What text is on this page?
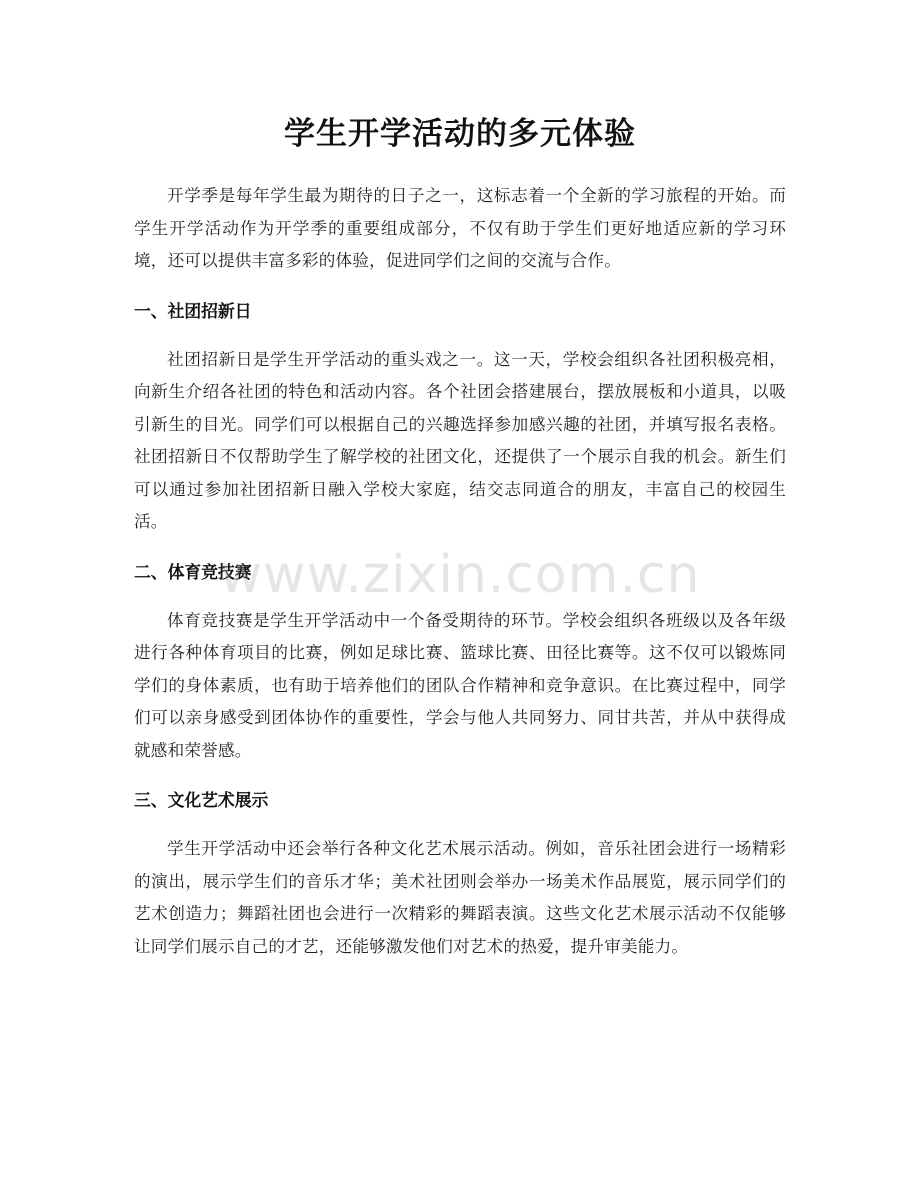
学生开学活动的多元体验

开学季是每年学生最为期待的日子之一，这标志着一个全新的学习旅程的开始。而学生开学活动作为开学季的重要组成部分，不仅有助于学生们更好地适应新的学习环境，还可以提供丰富多彩的体验，促进同学们之间的交流与合作。

一、社团招新日

社团招新日是学生开学活动的重头戏之一。这一天，学校会组织各社团积极亮相，向新生介绍各社团的特色和活动内容。各个社团会搭建展台，摆放展板和小道具，以吸引新生的目光。同学们可以根据自己的兴趣选择参加感兴趣的社团，并填写报名表格。社团招新日不仅帮助学生了解学校的社团文化，还提供了一个展示自我的机会。新生们可以通过参加社团招新日融入学校大家庭，结交志同道合的朋友，丰富自己的校园生活。

二、体育竞技赛

体育竞技赛是学生开学活动中一个备受期待的环节。学校会组织各班级以及各年级进行各种体育项目的比赛，例如足球比赛、篮球比赛、田径比赛等。这不仅可以锻炼同学们的身体素质，也有助于培养他们的团队合作精神和竞争意识。在比赛过程中，同学们可以亲身感受到团体协作的重要性，学会与他人共同努力、同甘共苦，并从中获得成就感和荣誉感。

三、文化艺术展示

学生开学活动中还会举行各种文化艺术展示活动。例如，音乐社团会进行一场精彩的演出，展示学生们的音乐才华；美术社团则会举办一场美术作品展览，展示同学们的艺术创造力；舞蹈社团也会进行一次精彩的舞蹈表演。这些文化艺术展示活动不仅能够让同学们展示自己的才艺，还能够激发他们对艺术的热爱，提升审美能力。

www.zixin.com.cn
